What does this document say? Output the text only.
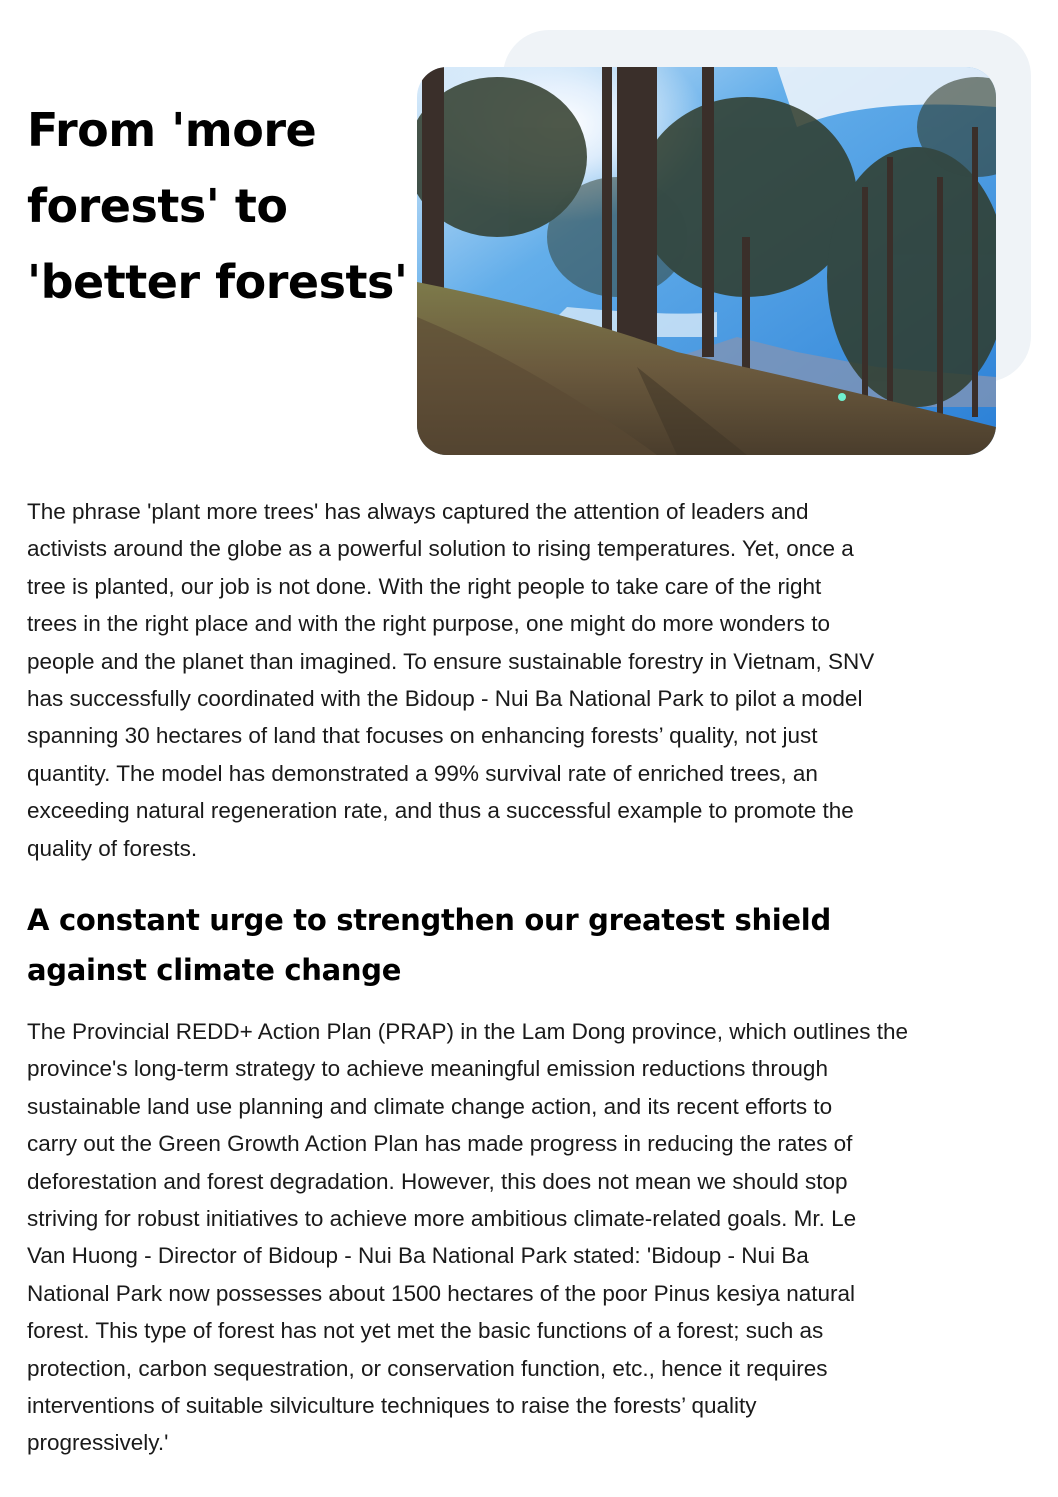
From 'more
forests' to
'better forests'

The phrase 'plant more trees' has always captured the attention of leaders and
activists around the globe as a powerful solution to rising temperatures. Yet, once a
tree is planted, our job is not done. With the right people to take care of the right
trees in the right place and with the right purpose, one might do more wonders to
people and the planet than imagined. To ensure sustainable forestry in Vietnam, SNV
has successfully coordinated with the Bidoup - Nui Ba National Park to pilot a model
spanning 30 hectares of land that focuses on enhancing forests’ quality, not just
quantity. The model has demonstrated a 99% survival rate of enriched trees, an
exceeding natural regeneration rate, and thus a successful example to promote the
quality of forests.

A constant urge to strengthen our greatest shield
against climate change

The Provincial REDD+ Action Plan (PRAP) in the Lam Dong province, which outlines the
province's long-term strategy to achieve meaningful emission reductions through
sustainable land use planning and climate change action, and its recent efforts to
carry out the Green Growth Action Plan has made progress in reducing the rates of
deforestation and forest degradation. However, this does not mean we should stop
striving for robust initiatives to achieve more ambitious climate-related goals. Mr. Le
Van Huong - Director of Bidoup - Nui Ba National Park stated: 'Bidoup - Nui Ba
National Park now possesses about 1500 hectares of the poor Pinus kesiya natural
forest. This type of forest has not yet met the basic functions of a forest; such as
protection, carbon sequestration, or conservation function, etc., hence it requires
interventions of suitable silviculture techniques to raise the forests’ quality
progressively.'
